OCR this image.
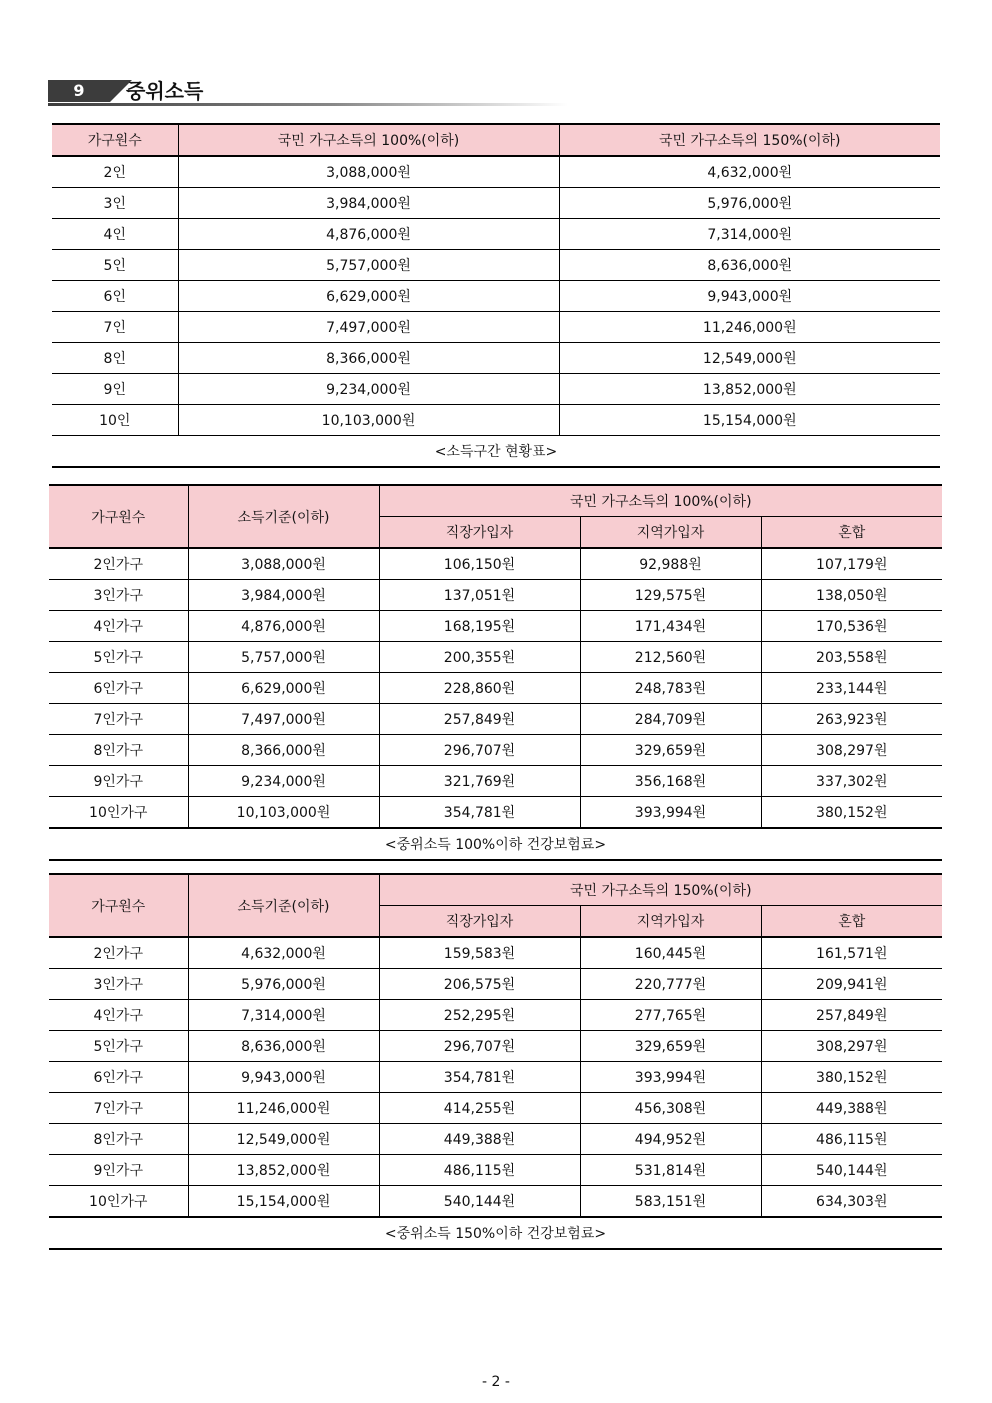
9	중위소득
가구원수	국민 가구소득의 100%(이하)	국민 가구소득의 150%(이하)
2인	3,088,000원	4,632,000원
3인	3,984,000원	5,976,000원
4인	4,876,000원	7,314,000원
5인	5,757,000원	8,636,000원
6인	6,629,000원	9,943,000원
7인	7,497,000원	11,246,000원
8인	8,366,000원	12,549,000원
9인	9,234,000원	13,852,000원
10인	10,103,000원	15,154,000원
<소득구간 현황표>		
가구원수	소득기준(이하)	국민 가구소득의 100%(이하)		
		직장가입자	지역가입자	혼합
2인가구	3,088,000원	106,150원	92,988원	107,179원
3인가구	3,984,000원	137,051원	129,575원	138,050원
4인가구	4,876,000원	168,195원	171,434원	170,536원
5인가구	5,757,000원	200,355원	212,560원	203,558원
6인가구	6,629,000원	228,860원	248,783원	233,144원
7인가구	7,497,000원	257,849원	284,709원	263,923원
8인가구	8,366,000원	296,707원	329,659원	308,297원
9인가구	9,234,000원	321,769원	356,168원	337,302원
10인가구	10,103,000원	354,781원	393,994원	380,152원
<중위소득 100%이하 건강보험료>				
가구원수	소득기준(이하)	국민 가구소득의 150%(이하)		
		직장가입자	지역가입자	혼합
2인가구	4,632,000원	159,583원	160,445원	161,571원
3인가구	5,976,000원	206,575원	220,777원	209,941원
4인가구	7,314,000원	252,295원	277,765원	257,849원
5인가구	8,636,000원	296,707원	329,659원	308,297원
6인가구	9,943,000원	354,781원	393,994원	380,152원
7인가구	11,246,000원	414,255원	456,308원	449,388원
8인가구	12,549,000원	449,388원	494,952원	486,115원
9인가구	13,852,000원	486,115원	531,814원	540,144원
10인가구	15,154,000원	540,144원	583,151원	634,303원
<중위소득 150%이하 건강보험료>				
- 2 -
